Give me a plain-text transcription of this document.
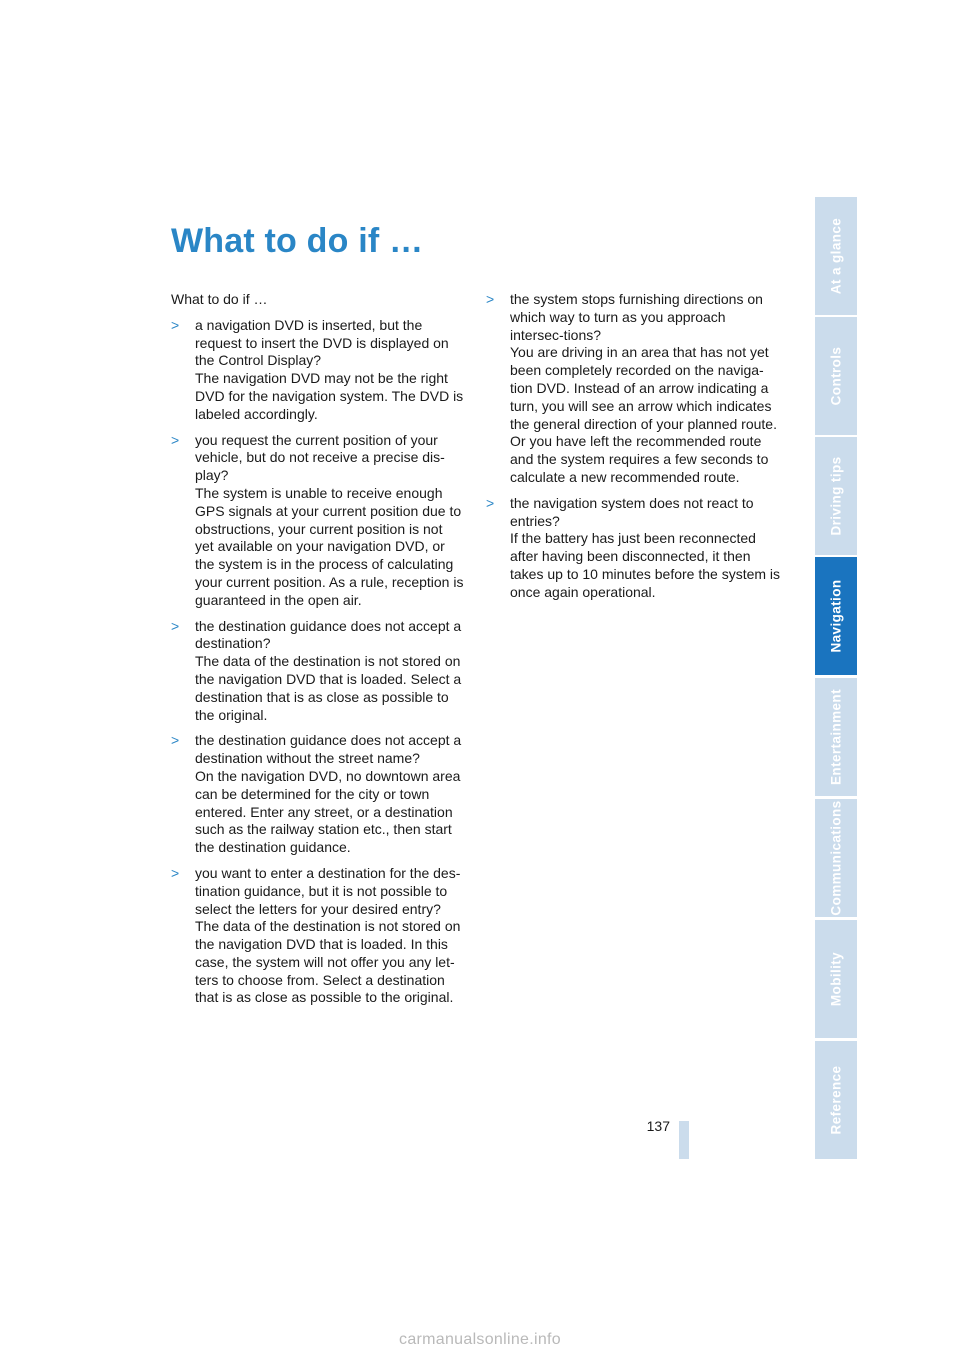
What to do if …

What to do if …

> a navigation DVD is inserted, but the request to insert the DVD is displayed on the Control Display?
The navigation DVD may not be the right DVD for the navigation system. The DVD is labeled accordingly.
> you request the current position of your vehicle, but do not receive a precise dis-play?
The system is unable to receive enough GPS signals at your current position due to obstructions, your current position is not yet available on your navigation DVD, or the system is in the process of calculating your current position. As a rule, reception is guaranteed in the open air.
> the destination guidance does not accept a destination?
The data of the destination is not stored on the navigation DVD that is loaded. Select a destination that is as close as possible to the original.
> the destination guidance does not accept a destination without the street name?
On the navigation DVD, no downtown area can be determined for the city or town entered. Enter any street, or a destination such as the railway station etc., then start the destination guidance.
> you want to enter a destination for the des-tination guidance, but it is not possible to select the letters for your desired entry?
The data of the destination is not stored on the navigation DVD that is loaded. In this case, the system will not offer you any let-ters to choose from. Select a destination that is as close as possible to the original.
> the system stops furnishing directions on which way to turn as you approach intersec-tions?
You are driving in an area that has not yet been completely recorded on the naviga-tion DVD. Instead of an arrow indicating a turn, you will see an arrow which indicates the general direction of your planned route. Or you have left the recommended route and the system requires a few seconds to calculate a new recommended route.
> the navigation system does not react to entries?
If the battery has just been reconnected after having been disconnected, it then takes up to 10 minutes before the system is once again operational.
At a glance
Controls
Driving tips
Navigation
Entertainment
Communications
Mobility
Reference
137
carmanualsonline.info
